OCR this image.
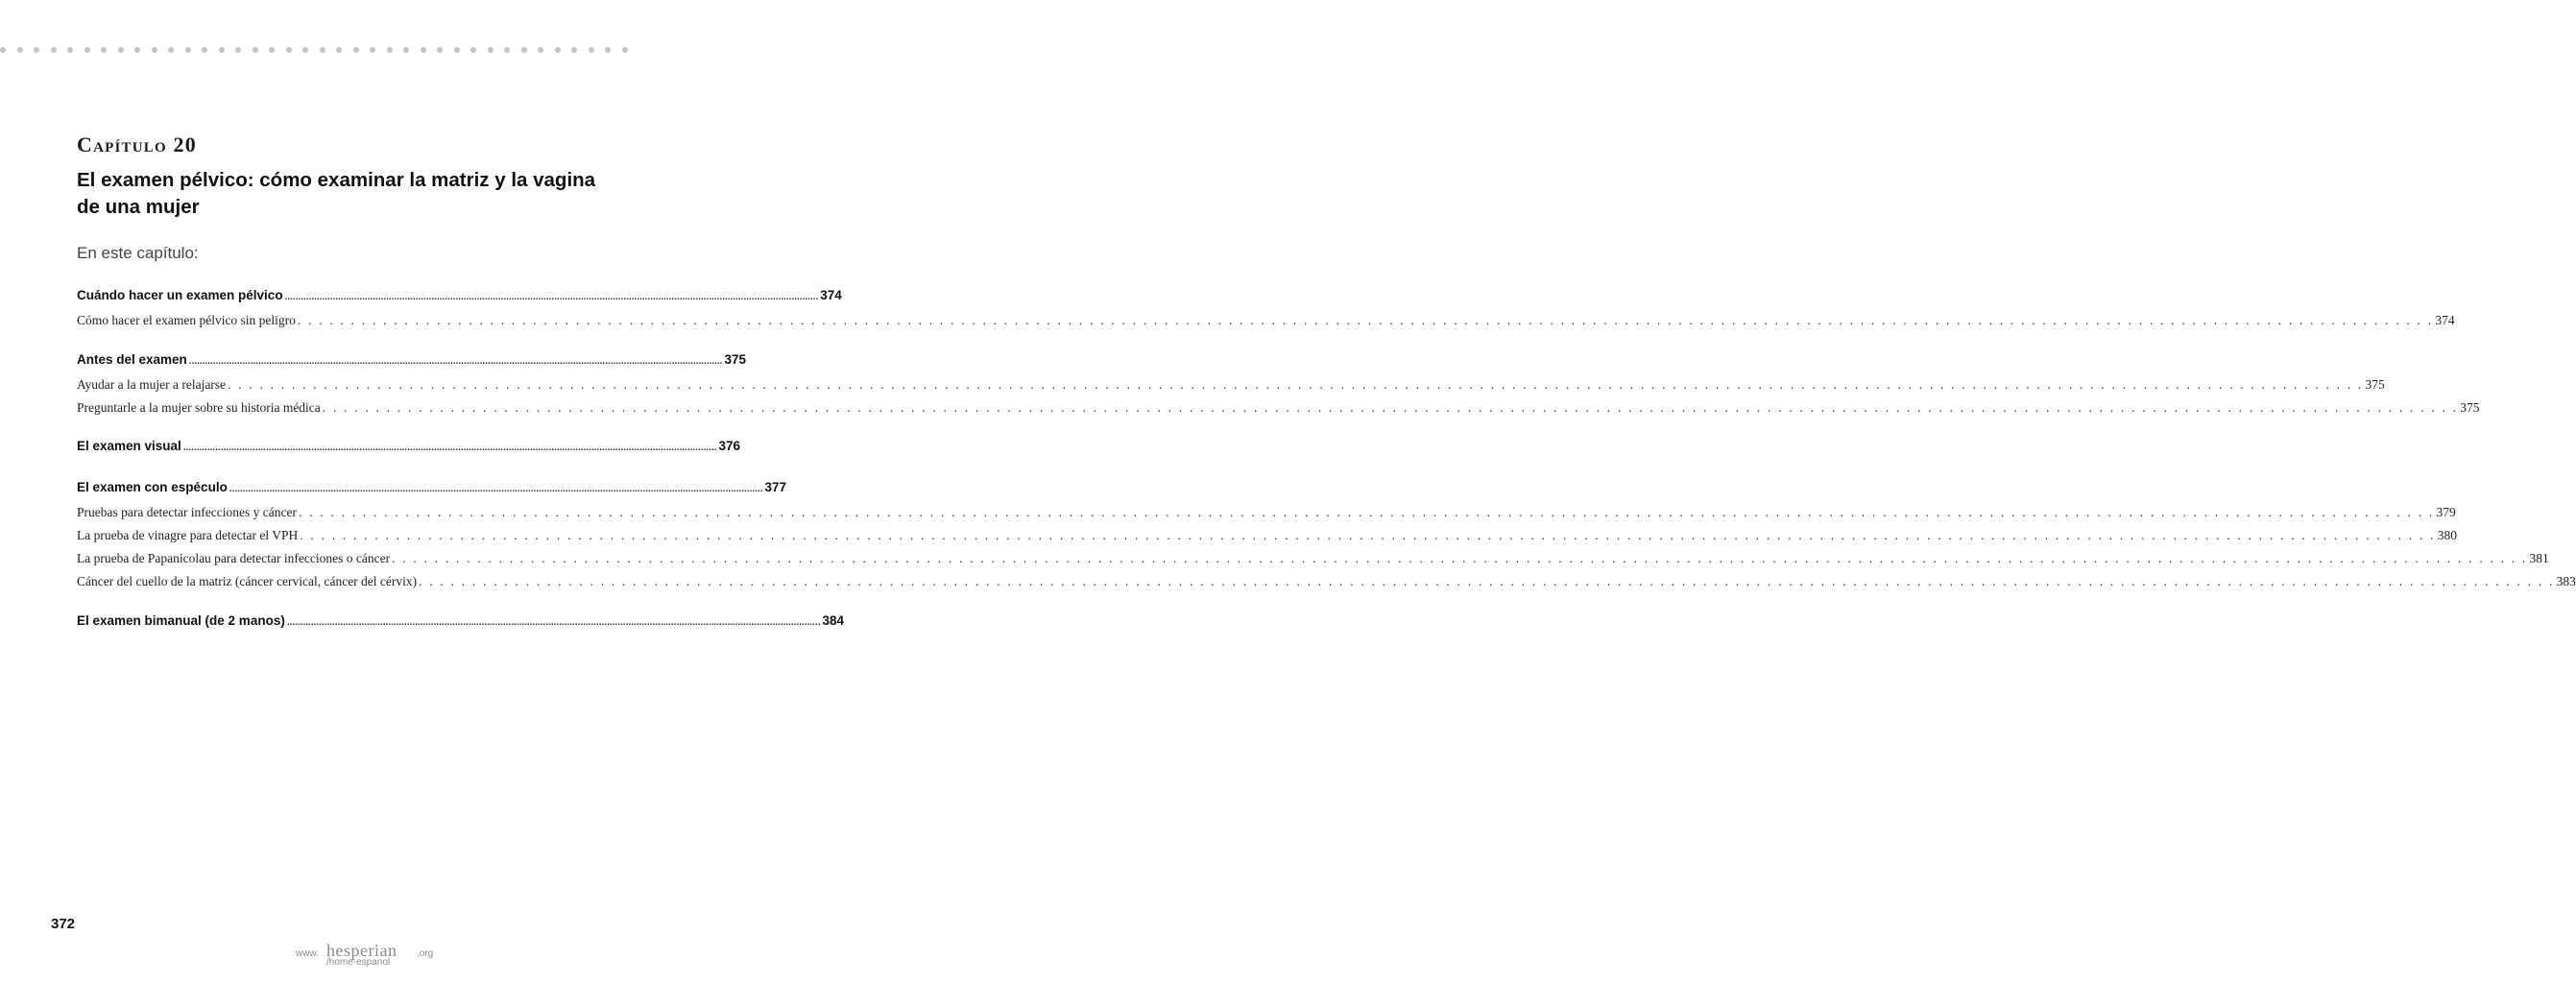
Capítulo 20
El examen pélvico: cómo examinar la matriz y la vagina de una mujer

En este capítulo:

Cuándo hacer un examen pélvico ........................................................................................................................................................................................................ 374
Cómo hacer el examen pélvico sin peligro . . . . . . . . . . . . . . . . . . . . . . . . . . . . . . . . . . . . . . . . . . . . . . . . . . . . . . . . . . . . . . . . . . . . . . . . . . . . . . . . . . . . . . . . . . . . . . . . . . . . . . . . . . . . . . . . . . . . . . . . . . . . . . . . . . . . . . . . . . . . . . . . . . . . . . . . . . . . . . . . . . . . . . . . . . . . . . . . . . . . . . . . . . . . . . . . . . . . . . . . 374
Antes del examen ........................................................................................................................................................................................................ 375
Ayudar a la mujer a relajarse . . . . . . . . . . . . . . . . . . . . . . . . . . . . . . . . . . . . . . . . . . . . . . . . . . . . . . . . . . . . . . . . . . . . . . . . . . . . . . . . . . . . . . . . . . . . . . . . . . . . . . . . . . . . . . . . . . . . . . . . . . . . . . . . . . . . . . . . . . . . . . . . . . . . . . . . . . . . . . . . . . . . . . . . . . . . . . . . . . . . . . . . . . . . . . . . . . . . . . . . 375
Preguntarle a la mujer sobre su historia médica . . . . . . . . . . . . . . . . . . . . . . . . . . . . . . . . . . . . . . . . . . . . . . . . . . . . . . . . . . . . . . . . . . . . . . . . . . . . . . . . . . . . . . . . . . . . . . . . . . . . . . . . . . . . . . . . . . . . . . . . . . . . . . . . . . . . . . . . . . . . . . . . . . . . . . . . . . . . . . . . . . . . . . . . . . . . . . . . . . . . . . . . . . . . . . . . . . . . . . . . 375
El examen visual ........................................................................................................................................................................................................ 376
El examen con espéculo ........................................................................................................................................................................................................ 377
Pruebas para detectar infecciones y cáncer . . . . . . . . . . . . . . . . . . . . . . . . . . . . . . . . . . . . . . . . . . . . . . . . . . . . . . . . . . . . . . . . . . . . . . . . . . . . . . . . . . . . . . . . . . . . . . . . . . . . . . . . . . . . . . . . . . . . . . . . . . . . . . . . . . . . . . . . . . . . . . . . . . . . . . . . . . . . . . . . . . . . . . . . . . . . . . . . . . . . . . . . . . . . . . . . . . . . . . . . 379
La prueba de vinagre para detectar el VPH . . . . . . . . . . . . . . . . . . . . . . . . . . . . . . . . . . . . . . . . . . . . . . . . . . . . . . . . . . . . . . . . . . . . . . . . . . . . . . . . . . . . . . . . . . . . . . . . . . . . . . . . . . . . . . . . . . . . . . . . . . . . . . . . . . . . . . . . . . . . . . . . . . . . . . . . . . . . . . . . . . . . . . . . . . . . . . . . . . . . . . . . . . . . . . . . . . . . . . . . 380
La prueba de Papanicolau para detectar infecciones o cáncer . . . . . . . . . . . . . . . . . . . . . . . . . . . . . . . . . . . . . . . . . . . . . . . . . . . . . . . . . . . . . . . . . . . . . . . . . . . . . . . . . . . . . . . . . . . . . . . . . . . . . . . . . . . . . . . . . . . . . . . . . . . . . . . . . . . . . . . . . . . . . . . . . . . . . . . . . . . . . . . . . . . . . . . . . . . . . . . . . . . . . . . . . . . . . . . . . . . . . . . . 381
Cáncer del cuello de la matriz (cáncer cervical, cáncer del cérvix) . . . . . . . . . . . . . . . . . . . . . . . . . . . . . . . . . . . . . . . . . . . . . . . . . . . . . . . . . . . . . . . . . . . . . . . . . . . . . . . . . . . . . . . . . . . . . . . . . . . . . . . . . . . . . . . . . . . . . . . . . . . . . . . . . . . . . . . . . . . . . . . . . . . . . . . . . . . . . . . . . . . . . . . . . . . . . . . . . . . . . . . . . . . . . . . . . . . . . . . . 383
El examen bimanual (de 2 manos) ........................................................................................................................................................................................................ 384

372

www. hesperian .org
/home-espanol
